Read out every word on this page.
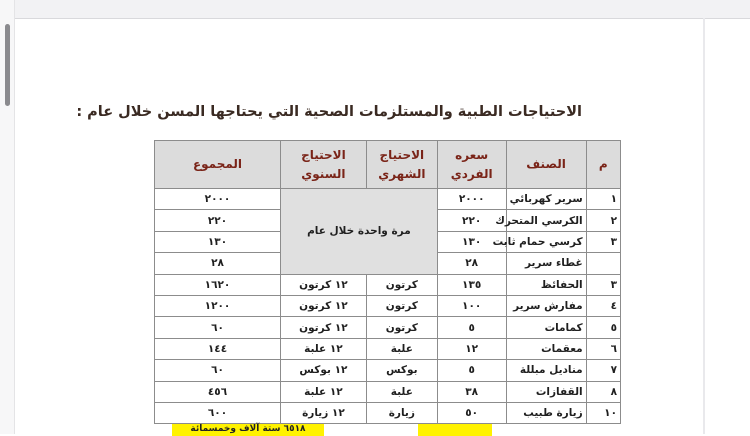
الاحتياجات الطبية والمستلزمات الصحية التي يحتاجها المسن خلال عام :
م	الصنف	سعره الفردي	الاحتياج الشهري	الاحتياج السنوي	المجموع
١	سرير كهربائي	٢٠٠٠	مرة واحدة خلال عام		٢٠٠٠
٢	الكرسي المتحرك	٢٢٠			٢٢٠
٣	كرسي حمام ثابت	١٣٠			١٣٠
	غطاء سرير	٢٨			٢٨
٣	الحفائظ	١٣٥	كرتون	١٢ كرتون	١٦٢٠
٤	مفارش سرير	١٠٠	كرتون	١٢ كرتون	١٢٠٠
٥	كمامات	٥	كرتون	١٢ كرتون	٦٠
٦	معقمات	١٢	علبة	١٢ علبة	١٤٤
٧	مناديل مبللة	٥	بوكس	١٢ بوكس	٦٠
٨	القفازات	٣٨	علبة	١٢ علبة	٤٥٦
١٠	زيارة طبيب	٥٠	زيارة	١٢ زيارة	٦٠٠
٦٥١٨ ستة آلاف وخمسمائة
